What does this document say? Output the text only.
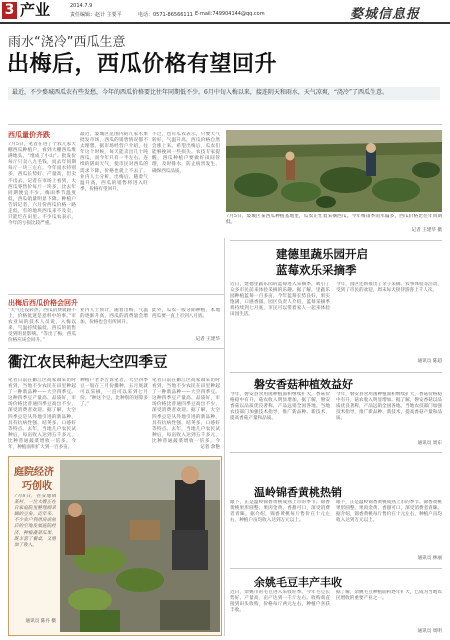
3 产业	2014.7.9
责任编辑：赵计 主要平	电话：0571-86566111 E-mail:749904144@qq.com	婺城信息报
雨水“浇冷”西瓜生意
出梅后，西瓜价格有望回升
最近，不少婺城西瓜农有些发愁，今年的西瓜价格要比往年同期低不少。6月中旬入梅以来，接连阴天和雨水，天气凉爽，“浇冷”了西瓜生意。
西瓜量价齐跌
7月5日，笔者在进了个农几家大棚西瓜种植户，看到大棚西瓜堆满地头，“堆成了小山”。批发价每斤只卖八九毛钱，而去年同期每斤一块三左右。今年雨水特别多，西瓜长势好、产量高，但卖不出去。记者在市场上看到，大西瓜零售价每斤一块多，比去年同期便宜不少。梅雨季节温度低，西瓜销量明显下降。种植户告诉记者，六月份西瓜价格一路走低，有的地块西瓜来不及卖，只能烂在田里。不少瓜农表示，今年的亏损比较严重。
最近，婺城区范围内的几家水果批发市场，西瓜的销售情况都不太理想。据市场经营户介绍，往年这个时候，每天能卖出几十吨西瓜，而今年只有一半左右。连续的阴雨天气，使市民对西瓜的需求下降，价格也就上不去了。业内人士分析，出梅后，随着气温升高，西瓜的销售将进入旺季，价格有望回升。
不过，也有瓜农表示，只要天气转好，气温升高，西瓜价格自然会涨上来。希望出梅后，瓜农们能够挽回一些损失。农技专家提醒，西瓜种植户要做好田间管理，及时排水，防止病害发生，确保西瓜品质。
7月5日，婺城区某西瓜种植基地里，瓜农正忙着采摘西瓜。今年梅雨季雨水偏多，西瓜价格比往年同期低。
记者 王建华 摄
出梅后西瓜价格会回升
“天气还没转热，西瓜消费就跟不上，价格低迷是意料中的事。”市农业局的技术人员说，入梅以来，气温持续偏低，西瓜的销售受到明显影响。“等出了梅，西瓜价格应该会回升。”
业内人士预计，随着出梅，气温的逐渐升高，西瓜的消费量会增加，价格也会有所回升。
此外，瓜农一般分期种植，本地西瓜要一直上市到八月底。
记者 王建华
衢江农民种起大空四季豆
笔者日前在衢江区高家镇采访时看到，当地不少农民在田里种起了一种新品种——大空四季豆。这种四季豆产量高、品质好，市场价格比普通四季豆高出不少，深受消费者欢迎。据了解，大空四季豆是从外地引进的新品种，具有抗病性强、结荚多、口感好等特点。去年，当地几户农民试种后，每亩收入达到五千多元，比种普通蔬菜增收一倍多。今年，种植面积扩大到一百多亩。
种植户老李告诉笔者，大空四季豆一般在三月份播种，五月底就可以采摘，一直可以采到七月份。“种这个豆，比种别的划算多了。”
笔者日前在衢江区高家镇采访时看到，当地不少农民在田里种起了一种新品种——大空四季豆。这种四季豆产量高、品质好，市场价格比普通四季豆高出不少，深受消费者欢迎。据了解，大空四季豆是从外地引进的新品种，具有抗病性强、结荚多、口感好等特点。去年，当地几户农民试种后，每亩收入达到五千多元，比种普通蔬菜增收一倍多。今
记者 余艳
庭院经济
巧创收
7月8日，在安地镇某村，一位大嫂正在自家庭院里整理刚采摘的豆角。近年来，不少农户利用房前屋后的空地发展庭院经济，种植蔬菜瓜果，既丰富了餐桌，又增加了收入。
通讯员 陈丹 摄
建德里蔬乐园开启
蓝莓欢乐采摘季
近日，建德里蔬乐园的蓝莓进入采摘季，吸引了众多市民前来体验采摘的乐趣。据了解，里蔬乐园种植蓝莓一百多亩，今年蓝莓长势良好，果实饱满，口感香甜。园区负责人介绍，蓝莓采摘季将持续到七月底，市民可以带着家人一起来体验田园生活。
今年，园区还新推出了亲子采摘、农事体验等活动，受到了市民的欢迎，周末每天接待游客上千人次。
通讯员 陈超
磐安香菇种植效益好
今年，磐安县食用菌种植面积继续扩大，香菇价格稳中有升，菇农收入明显增加。据了解，磐安香菇以品质优良著称，产品远销全国各地。当地农技部门加强技术指导，推广新品种、新技术，提高香菇产量和品质。
今年，磐安县食用菌种植面积继续扩大，香菇价格稳中有升，菇农收入明显增加。据了解，磐安香菇以品质优良著称，产品远销全国各地。当地农技部门加强技术指导，推广新品种、新技术，提高香菇产量和品质。
通讯员 周东
温岭锦香黄桃热销
眼下，正是温岭锦香黄桃成熟上市的季节。锦香黄桃果形圆整、果肉金黄、香甜可口，深受消费者青睐。据介绍，锦香黄桃每斤售价在十元左右，种植户亩均收入达到万元以上。
眼下，正是温岭锦香黄桃成熟上市的季节。锦香黄桃果形圆整、果肉金黄、香甜可口，深受消费者青睐。据介绍，锦香黄桃每斤售价在十元左右，种植户亩均收入达到万元以上。
通讯员 林丽
余姚毛豆丰产丰收
近日，余姚市的毛豆进入采收旺季。今年毛豆长势好、产量高，亩产达到一千斤左右。收购商直接到田头收购，价格每斤两元左右，种植户喜获丰收。
据了解，余姚毛豆种植面积逐年扩大，已成为当地农民增收的重要产业之一。
通讯员 周明
